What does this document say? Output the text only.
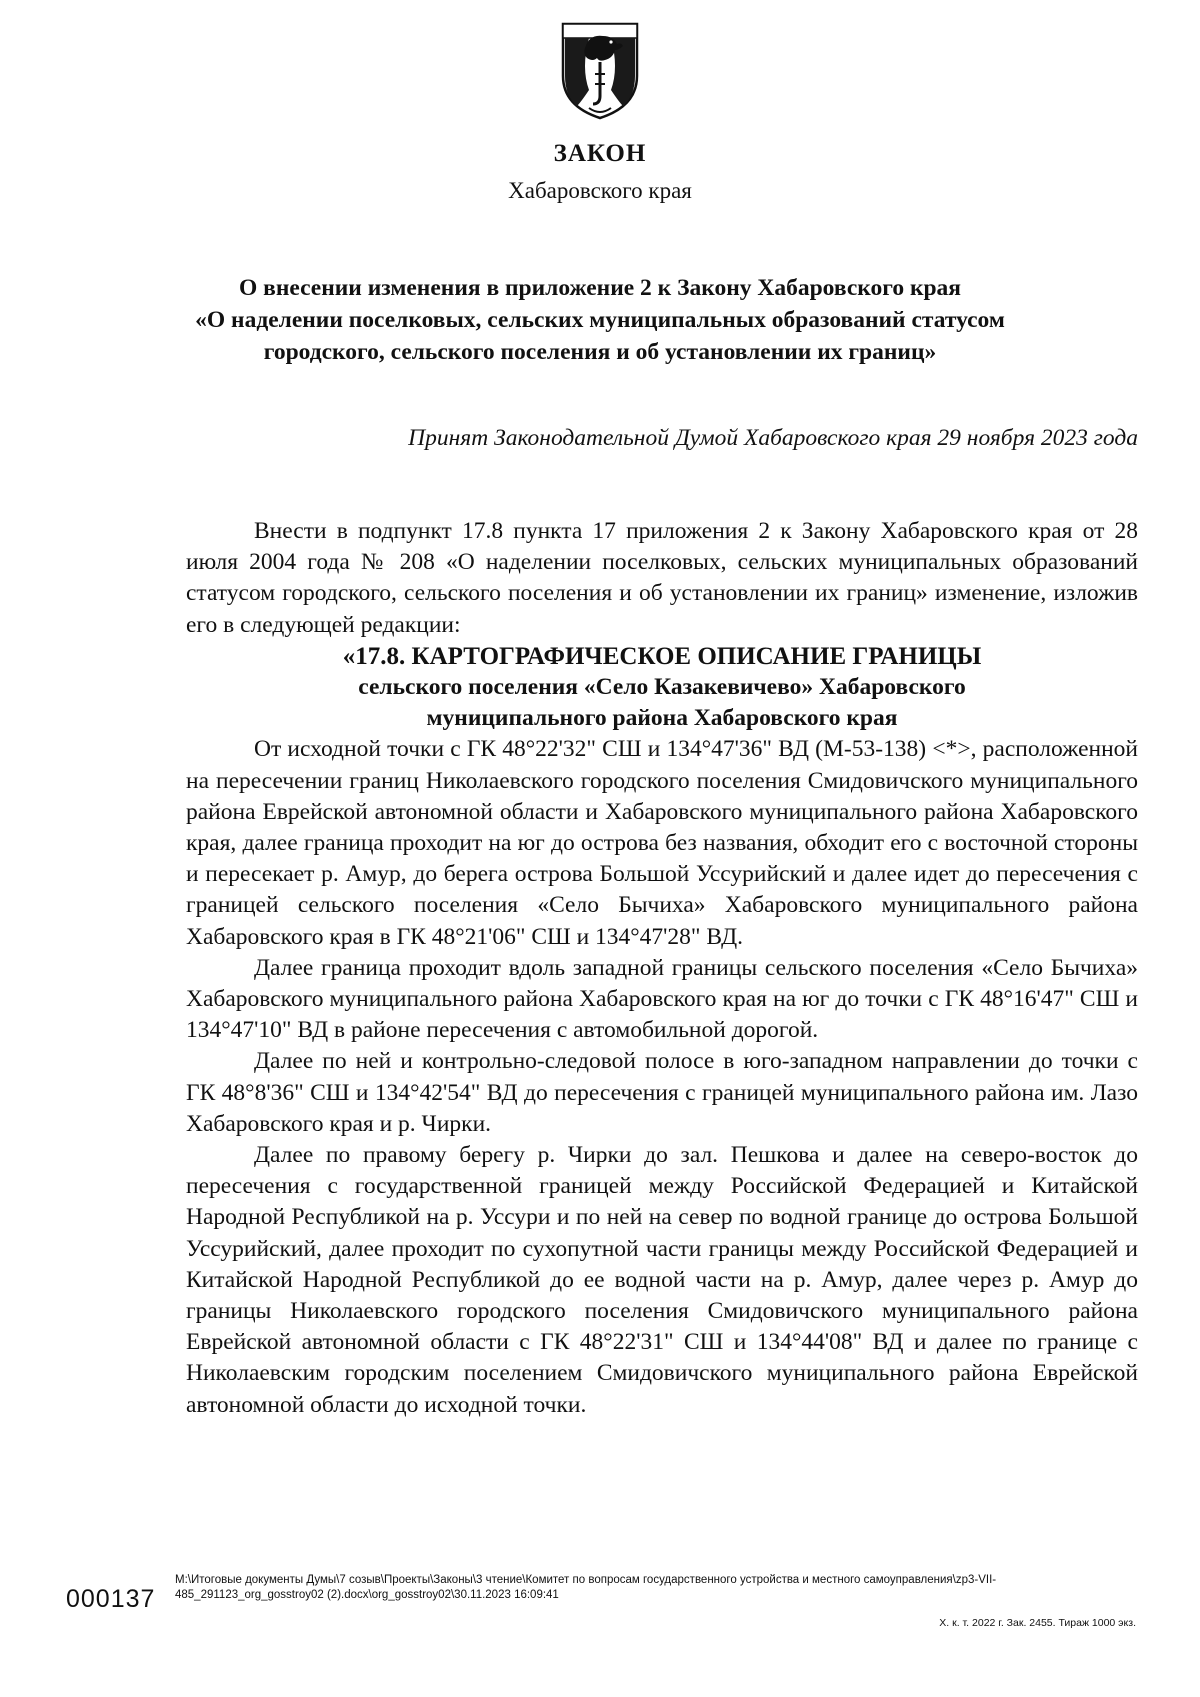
ЗАКОН
Хабаровского края
О внесении изменения в приложение 2 к Закону Хабаровского края
«О наделении поселковых, сельских муниципальных образований статусом
городского, сельского поселения и об установлении их границ»
Принят Законодательной Думой Хабаровского края 29 ноября 2023 года

Внести в подпункт 17.8 пункта 17 приложения 2 к Закону Хабаровского края от 28 июля 2004 года № 208 «О наделении поселковых, сельских муниципальных образований статусом городского, сельского поселения и об установлении их границ» изменение, изложив его в следующей редакции:

«17.8. КАРТОГРАФИЧЕСКОЕ ОПИСАНИЕ ГРАНИЦЫ
сельского поселения «Село Казакевичево» Хабаровского
муниципального района Хабаровского края

От исходной точки с ГК 48°22'32" СШ и 134°47'36" ВД (М-53-138) <*>, расположенной на пересечении границ Николаевского городского поселения Смидовичского муниципального района Еврейской автономной области и Хабаровского муниципального района Хабаровского края, далее граница проходит на юг до острова без названия, обходит его с восточной стороны и пересекает р. Амур, до берега острова Большой Уссурийский и далее идет до пересечения с границей сельского поселения «Село Бычиха» Хабаровского муниципального района Хабаровского края в ГК 48°21'06" СШ и 134°47'28" ВД.

Далее граница проходит вдоль западной границы сельского поселения «Село Бычиха» Хабаровского муниципального района Хабаровского края на юг до точки с ГК 48°16'47" СШ и 134°47'10" ВД в районе пересечения с автомобильной дорогой.

Далее по ней и контрольно-следовой полосе в юго-западном направлении до точки с ГК 48°8'36" СШ и 134°42'54" ВД до пересечения с границей муниципального района им. Лазо Хабаровского края и р. Чирки.

Далее по правому берегу р. Чирки до зал. Пешкова и далее на северо-восток до пересечения с государственной границей между Российской Федерацией и Китайской Народной Республикой на р. Уссури и по ней на север по водной границе до острова Большой Уссурийский, далее проходит по сухопутной части границы между Российской Федерацией и Китайской Народной Республикой до ее водной части на р. Амур, далее через р. Амур до границы Николаевского городского поселения Смидовичского муниципального района Еврейской автономной области с ГК 48°22'31" СШ и 134°44'08" ВД и далее по границе с Николаевским городским поселением Смидовичского муниципального района Еврейской автономной области до исходной точки.

000137
М:\Итоговые документы Думы\7 созыв\Проекты\Законы\3 чтение\Комитет по вопросам государственного устройства и местного самоуправления\zp3-VII-
485_291123_org_gosstroy02 (2).docx\org_gosstroy02\30.11.2023 16:09:41
Х. к. т. 2022 г. Зак. 2455. Тираж 1000 экз.
